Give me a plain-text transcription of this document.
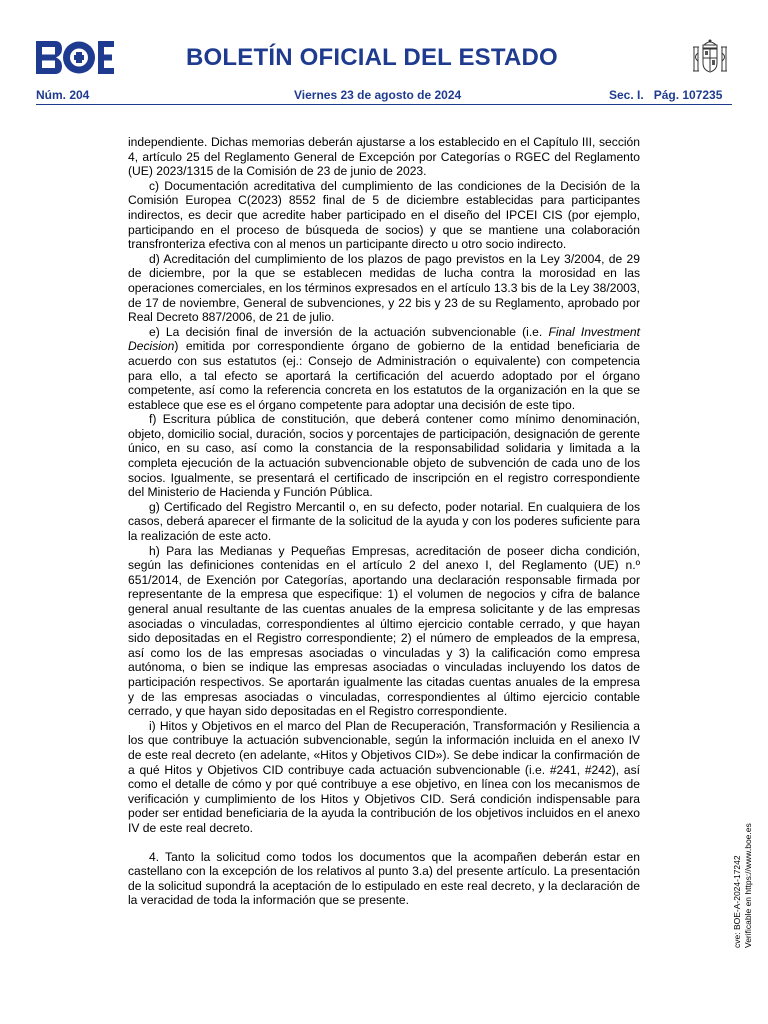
BOLETÍN OFICIAL DEL ESTADO
Núm. 204	Viernes 23 de agosto de 2024	Sec. I.   Pág. 107235

independiente. Dichas memorias deberán ajustarse a los establecido en el Capítulo III, sección 4, artículo 25 del Reglamento General de Excepción por Categorías o RGEC del Reglamento (UE) 2023/1315 de la Comisión de 23 de junio de 2023.

c) Documentación acreditativa del cumplimiento de las condiciones de la Decisión de la Comisión Europea C(2023) 8552 final de 5 de diciembre establecidas para participantes indirectos, es decir que acredite haber participado en el diseño del IPCEI CIS (por ejemplo, participando en el proceso de búsqueda de socios) y que se mantiene una colaboración transfronteriza efectiva con al menos un participante directo u otro socio indirecto.

d) Acreditación del cumplimiento de los plazos de pago previstos en la Ley 3/2004, de 29 de diciembre, por la que se establecen medidas de lucha contra la morosidad en las operaciones comerciales, en los términos expresados en el artículo 13.3 bis de la Ley 38/2003, de 17 de noviembre, General de subvenciones, y 22 bis y 23 de su Reglamento, aprobado por Real Decreto 887/2006, de 21 de julio.

e) La decisión final de inversión de la actuación subvencionable (i.e. Final Investment Decision) emitida por correspondiente órgano de gobierno de la entidad beneficiaria de acuerdo con sus estatutos (ej.: Consejo de Administración o equivalente) con competencia para ello, a tal efecto se aportará la certificación del acuerdo adoptado por el órgano competente, así como la referencia concreta en los estatutos de la organización en la que se establece que ese es el órgano competente para adoptar una decisión de este tipo.

f) Escritura pública de constitución, que deberá contener como mínimo denominación, objeto, domicilio social, duración, socios y porcentajes de participación, designación de gerente único, en su caso, así como la constancia de la responsabilidad solidaria y limitada a la completa ejecución de la actuación subvencionable objeto de subvención de cada uno de los socios. Igualmente, se presentará el certificado de inscripción en el registro correspondiente del Ministerio de Hacienda y Función Pública.

g) Certificado del Registro Mercantil o, en su defecto, poder notarial. En cualquiera de los casos, deberá aparecer el firmante de la solicitud de la ayuda y con los poderes suficiente para la realización de este acto.

h) Para las Medianas y Pequeñas Empresas, acreditación de poseer dicha condición, según las definiciones contenidas en el artículo 2 del anexo I, del Reglamento (UE) n.º 651/2014, de Exención por Categorías, aportando una declaración responsable firmada por representante de la empresa que especifique: 1) el volumen de negocios y cifra de balance general anual resultante de las cuentas anuales de la empresa solicitante y de las empresas asociadas o vinculadas, correspondientes al último ejercicio contable cerrado, y que hayan sido depositadas en el Registro correspondiente; 2) el número de empleados de la empresa, así como los de las empresas asociadas o vinculadas y 3) la calificación como empresa autónoma, o bien se indique las empresas asociadas o vinculadas incluyendo los datos de participación respectivos. Se aportarán igualmente las citadas cuentas anuales de la empresa y de las empresas asociadas o vinculadas, correspondientes al último ejercicio contable cerrado, y que hayan sido depositadas en el Registro correspondiente.

i) Hitos y Objetivos en el marco del Plan de Recuperación, Transformación y Resiliencia a los que contribuye la actuación subvencionable, según la información incluida en el anexo IV de este real decreto (en adelante, «Hitos y Objetivos CID»). Se debe indicar la confirmación de a qué Hitos y Objetivos CID contribuye cada actuación subvencionable (i.e. #241, #242), así como el detalle de cómo y por qué contribuye a ese objetivo, en línea con los mecanismos de verificación y cumplimiento de los Hitos y Objetivos CID. Será condición indispensable para poder ser entidad beneficiaria de la ayuda la contribución de los objetivos incluidos en el anexo IV de este real decreto.

4. Tanto la solicitud como todos los documentos que la acompañen deberán estar en castellano con la excepción de los relativos al punto 3.a) del presente artículo. La presentación de la solicitud supondrá la aceptación de lo estipulado en este real decreto, y la declaración de la veracidad de toda la información que se presente.	cve: BOE-A-2024-17242 Verificable en https://www.boe.es
